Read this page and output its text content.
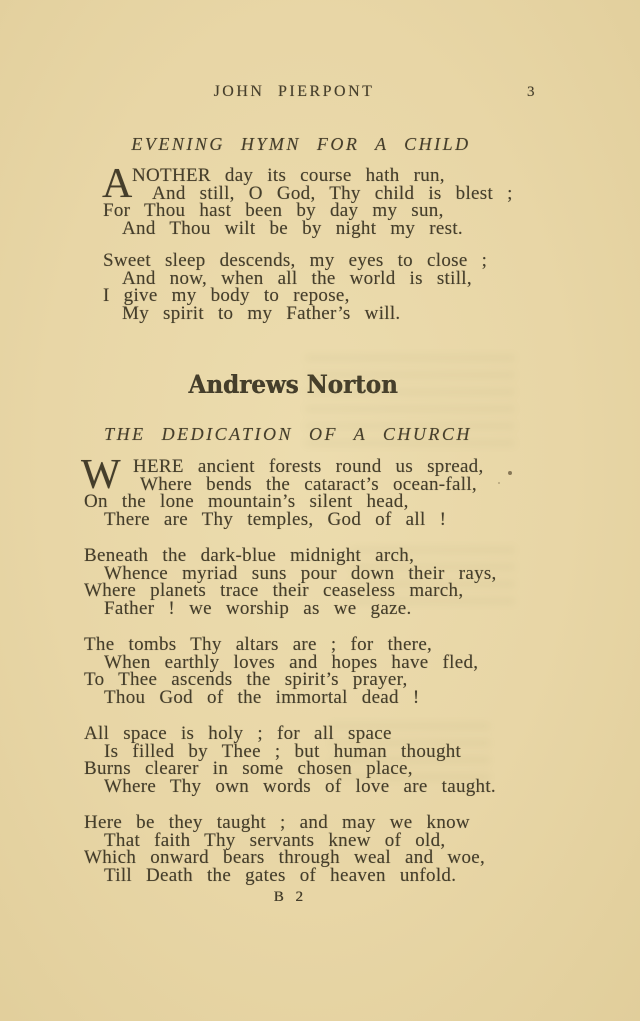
JOHN PIERPONT	3
EVENING HYMN FOR A CHILD
A NOTHER day its course hath run,
And still, O God, Thy child is blest ;
For Thou hast been by day my sun,
And Thou wilt be by night my rest.
Sweet sleep descends, my eyes to close ;
And now, when all the world is still,
I give my body to repose,
My spirit to my Father’s will.
Andrews Norton
THE DEDICATION OF A CHURCH
W HERE ancient forests round us spread,
Where bends the cataract’s ocean-fall,
On the lone mountain’s silent head,
There are Thy temples, God of all !
Beneath the dark-blue midnight arch,
Whence myriad suns pour down their rays,
Where planets trace their ceaseless march,
Father ! we worship as we gaze.
The tombs Thy altars are ; for there,
When earthly loves and hopes have fled,
To Thee ascends the spirit’s prayer,
Thou God of the immortal dead !
All space is holy ; for all space
Is filled by Thee ; but human thought
Burns clearer in some chosen place,
Where Thy own words of love are taught.
Here be they taught ; and may we know
That faith Thy servants knew of old,
Which onward bears through weal and woe,
Till Death the gates of heaven unfold.
B 2
